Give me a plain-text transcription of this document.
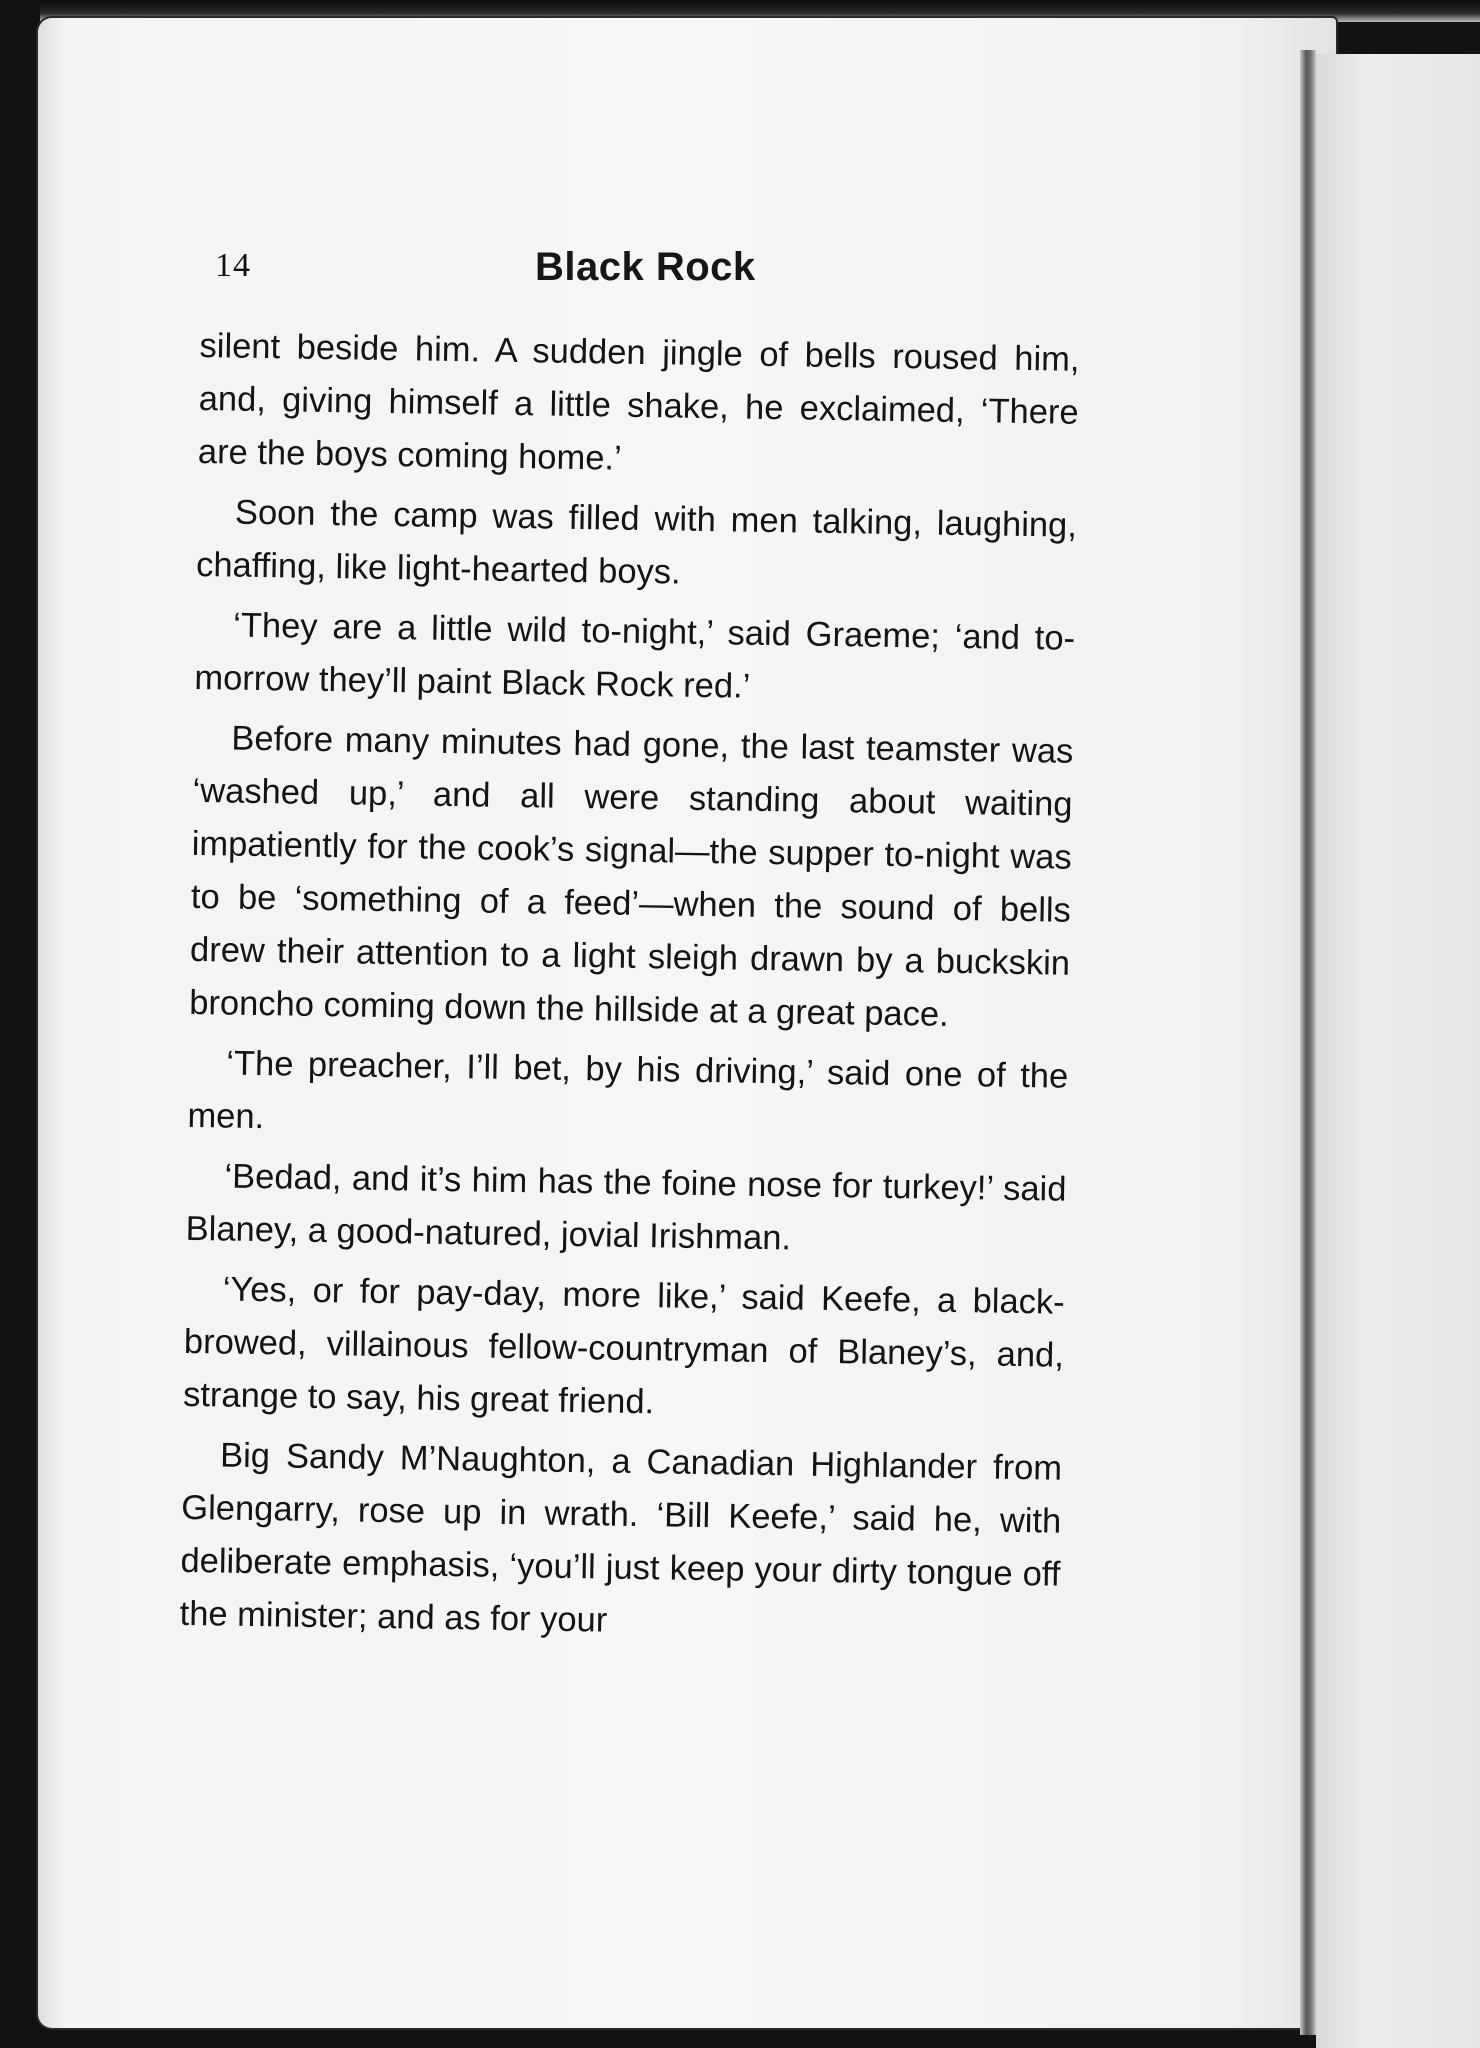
14	Black Rock

silent beside him. A sudden jingle of bells roused him, and, giving himself a little shake, he exclaimed, ‘There are the boys coming home.’

Soon the camp was filled with men talking, laughing, chaffing, like light-hearted boys.

‘They are a little wild to-night,’ said Graeme; ‘and to-morrow they’ll paint Black Rock red.’

Before many minutes had gone, the last teamster was ‘washed up,’ and all were standing about waiting impatiently for the cook’s signal—the supper to-night was to be ‘something of a feed’—when the sound of bells drew their attention to a light sleigh drawn by a buckskin broncho coming down the hillside at a great pace.

‘The preacher, I’ll bet, by his driving,’ said one of the men.

‘Bedad, and it’s him has the foine nose for turkey!’ said Blaney, a good-natured, jovial Irishman.

‘Yes, or for pay-day, more like,’ said Keefe, a black-browed, villainous fellow-countryman of Blaney’s, and, strange to say, his great friend.

Big Sandy M’Naughton, a Canadian Highlander from Glengarry, rose up in wrath. ‘Bill Keefe,’ said he, with deliberate emphasis, ‘you’ll just keep your dirty tongue off the minister; and as for your
